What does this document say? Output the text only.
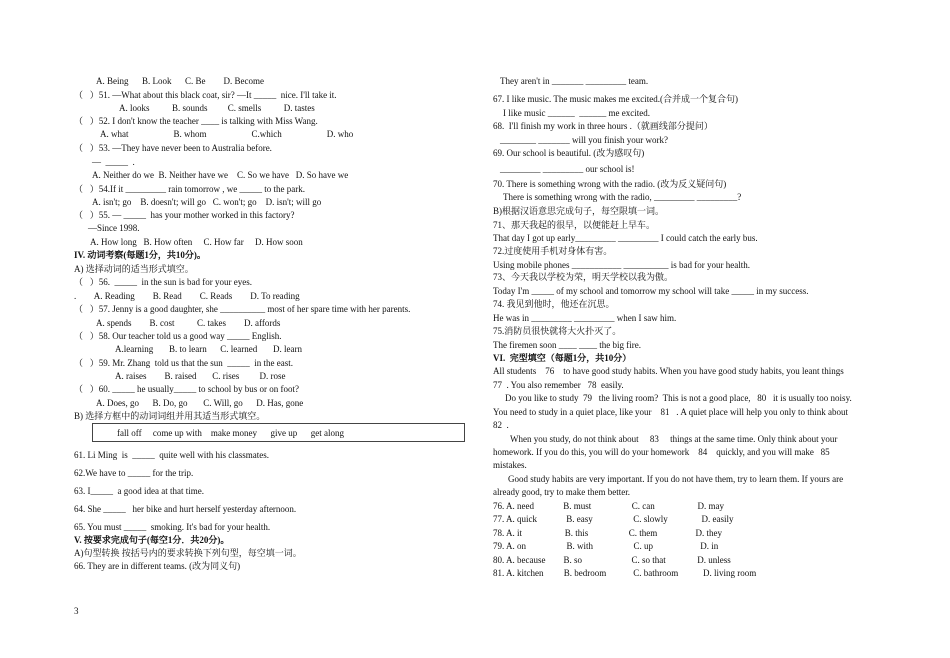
A. Being      B. Look      C. Be        D. Become
（   ）51. —What about this black coat, sir? —It _____  nice. I'll take it.
A. looks          B. sounds         C. smells          D. tastes
（   ）52. I don't know the teacher ____ is talking with Miss Wang.
A. what                    B. whom                    C.which                    D. who
（   ）53. —They have never been to Australia before.
—  _____  .
A. Neither do we  B. Neither have we    C. So we have   D. So have we
（   ）54.If it _________ rain tomorrow , we _____ to the park.
A. isn't; go    B. doesn't; will go   C. won't; go    D. isn't; will go
（   ）55. — _____  has your mother worked in this factory?
—Since 1998.
A. How long   B. How often     C. How far     D. How soon
IV. 动词考察(每题1分，共10分)。
A) 选择动词的适当形式填空。
（   ）56.  _____  in the sun is bad for your eyes.
.        A. Reading        B. Read        C. Reads        D. To reading
（   ）57. Jenny is a good daughter, she __________ most of her spare time with her parents.
A. spends        B. cost          C. takes        D. affords
（   ）58. Our teacher told us a good way _____ English.
A.learning       B. to learn      C. learned       D. learn
（   ）59. Mr. Zhang  told us that the sun  _____  in the east.
A. raises        B. raised       C. rises         D. rose
（   ）60. _____ he usually_____ to school by bus or on foot?
A. Does, go      B. Do, go       C. Will, go      D. Has, gone
B) 选择方框中的动词词组并用其适当形式填空。
fall off     come up with    make money      give up      get along
61. Li Ming  is  _____  quite well with his classmates.
62.We have to _____ for the trip.
63. I_____  a good idea at that time.
64. She _____   her bike and hurt herself yesterday afternoon.
65. You must _____  smoking. It's bad for your health.
V. 按要求完成句子(每空1分．共20分)。
A)句型转换 按括号内的要求转换下列句型，每空填一词。
66. They are in different teams. (改为同义句)
3
They aren't in _______ _________ team.
67. I like music. The music makes me excited.(合并成一个复合句)
I like music ______  ______ me excited.
68.  I'll finish my work in three hours .（就画线部分提问）
________ _______ will you finish your work?
69. Our school is beautiful. (改为感叹句)
_________ _________ our school is!
70. There is something wrong with the radio. (改为反义疑问句)
There is something wrong with the radio, _________ _________?
B)根据汉语意思完成句子，每空限填一词。
71、那天我起的很早，以便能赶上早车。
That day I got up early_________ _________ I could catch the early bus.
72.过度使用手机对身体有害。
Using mobile phones ___________ __________ is bad for your health.
73、今天我以学校为荣，明天学校以我为傲。
Today I'm _____ of my school and tomorrow my school will take _____ in my success.
74. 我见到他时，他还在沉思。
He was in _________ _________ when I saw him.
75.消防员很快就将大火扑灭了。
The firemen soon ____ ____ the big fire.
VI.  完型填空（每题1分，共10分）
All students    76    to have good study habits. When you have good study habits, you leant things
77  . You also remember   78  easily.
Do you like to study  79   the living room?  This is not a good place,   80   it is usually too noisy.
You need to study in a quiet place, like your    81   . A quiet place will help you only to think about
82  .
When you study, do not think about     83     things at the same time. Only think about your
homework. If you do this, you will do your homework    84    quickly, and you will make   85
mistakes.
Good study habits are very important. If you do not have them, try to learn them. If yours are
already good, try to make them better.
76. A. need             B. must                  C. can                   D. may
77. A. quick             B. easy                  C. slowly               D. easily
78. A. it                   B. this                  C. them                 D. they
79. A. on                  B. with                  C. up                     D. in
80. A. because        B. so                      C. so that              D. unless
81. A. kitchen         B. bedroom            C. bathroom           D. living room
